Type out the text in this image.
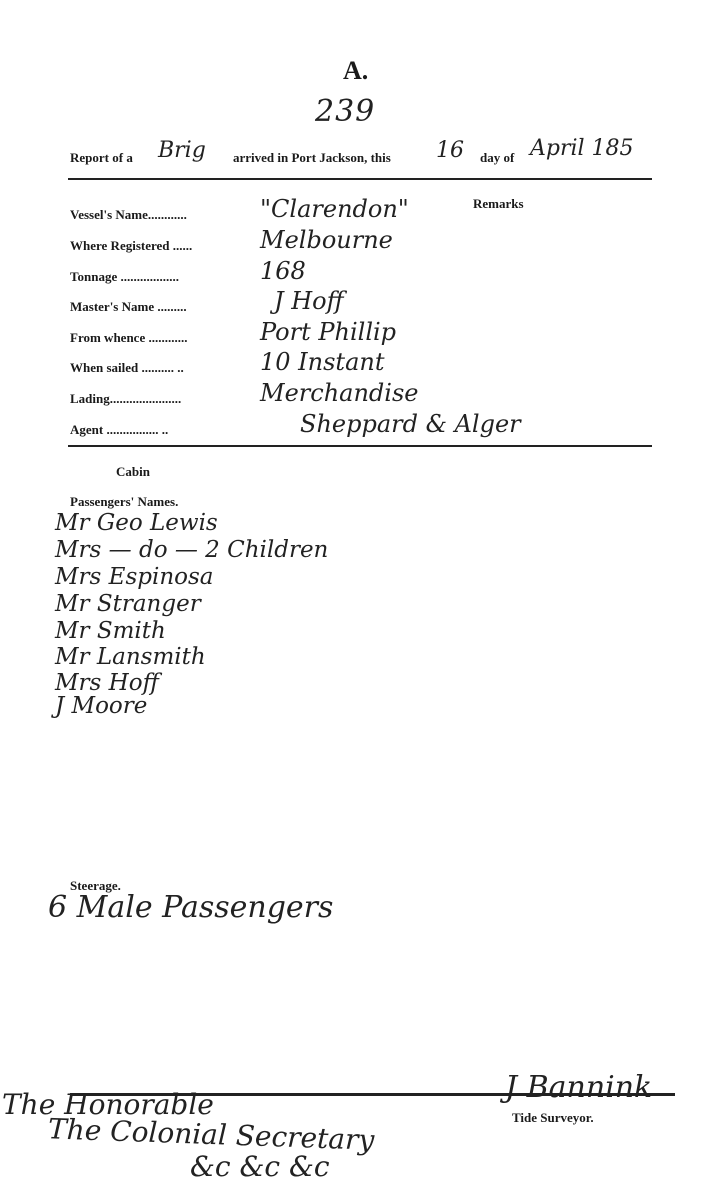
A.
239
Report of a Brig arrived in Port Jackson, this 16 day of April 185
Remarks
Vessel's Name............	"Clarendon"
Where Registered ......	Melbourne
Tonnage ..................	168
Master's Name .........	J Hoff
From whence ............	Port Phillip
When sailed .......... ..	10 Instant
Lading......................	Merchandise
Agent ................ ..	Sheppard & Alger
Cabin
Passengers' Names.
Mr Geo Lewis
Mrs — do — 2 Children
Mrs Espinosa
Mr Stranger
Mr Smith
Mr Lansmith
Mrs Hoff
J Moore
Steerage.
6 Male Passengers
The Honorable
The Colonial Secretary
&c &c &c
J Bannink
Tide Surveyor.
